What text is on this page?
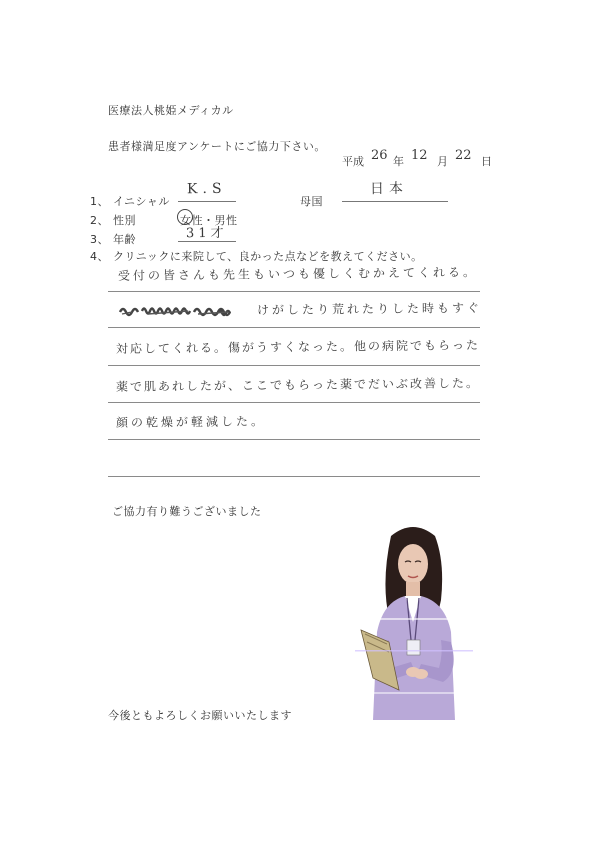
医療法人桃姫メディカル
患者様満足度アンケートにご協力下さい。
平成 26 年 12 月 22 日
1、 イニシャル
K.S
母国
日本
2、 性別	女性・男性
3、 年齢	31才
4、 クリニックに来院して、良かった点などを教えてください。
受付の皆さんも先生もいつも優しくむかえてくれる。
けがしたり荒れたりした時もすぐ
対応してくれる。傷がうすくなった。他の病院でもらった
薬で肌あれしたが、ここでもらった薬でだいぶ改善した。
顔の乾燥が軽減した。
ご協力有り難うございました
今後ともよろしくお願いいたします
